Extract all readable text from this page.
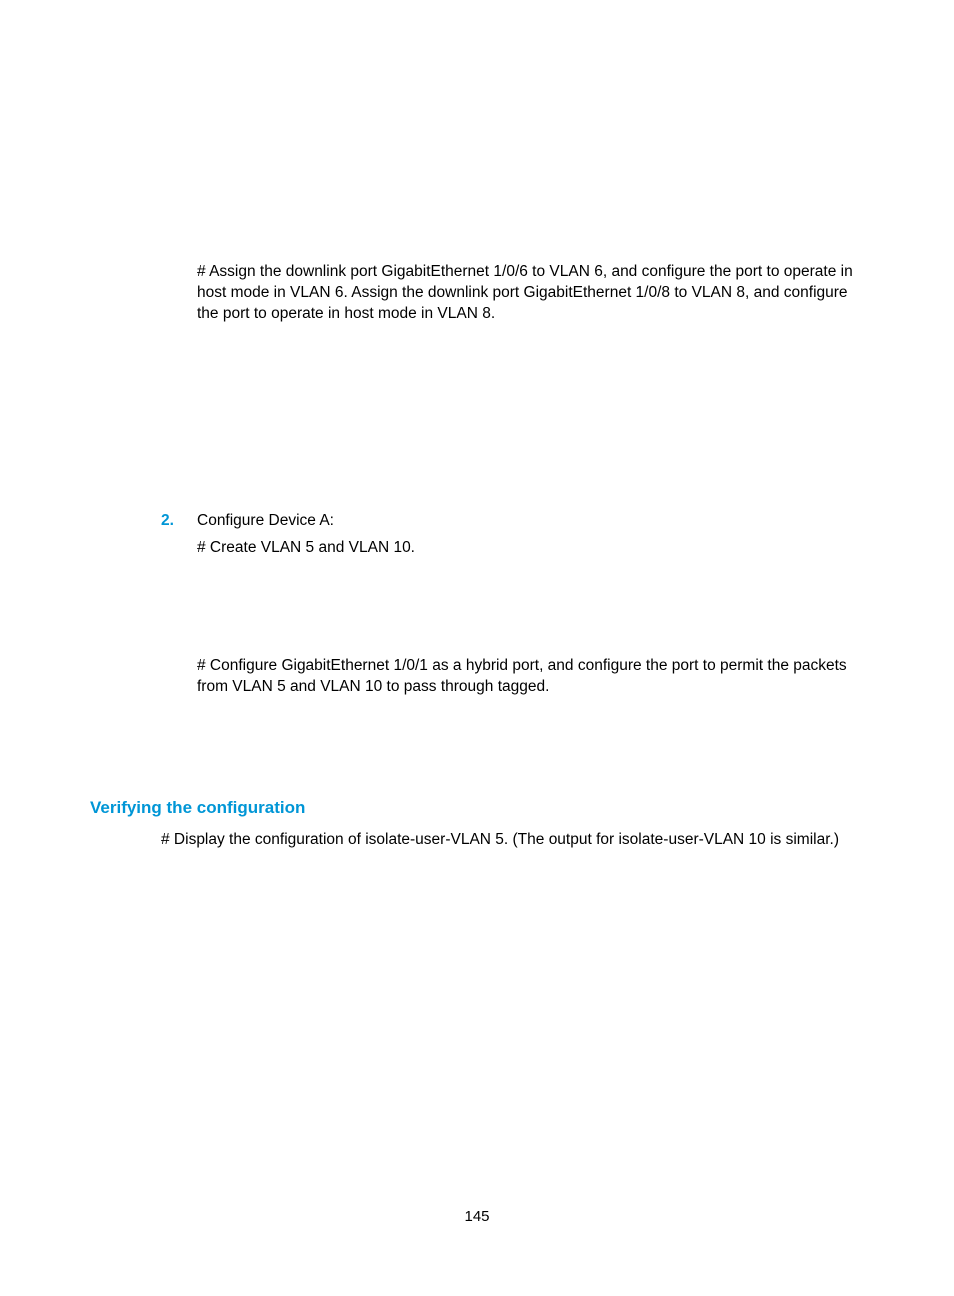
# Assign the downlink port GigabitEthernet 1/0/6 to VLAN 6, and configure the port to operate in host mode in VLAN 6. Assign the downlink port GigabitEthernet 1/0/8 to VLAN 8, and configure the port to operate in host mode in VLAN 8.

2. Configure Device A:

# Create VLAN 5 and VLAN 10.

# Configure GigabitEthernet 1/0/1 as a hybrid port, and configure the port to permit the packets from VLAN 5 and VLAN 10 to pass through tagged.

Verifying the configuration

# Display the configuration of isolate-user-VLAN 5. (The output for isolate-user-VLAN 10 is similar.)

145
